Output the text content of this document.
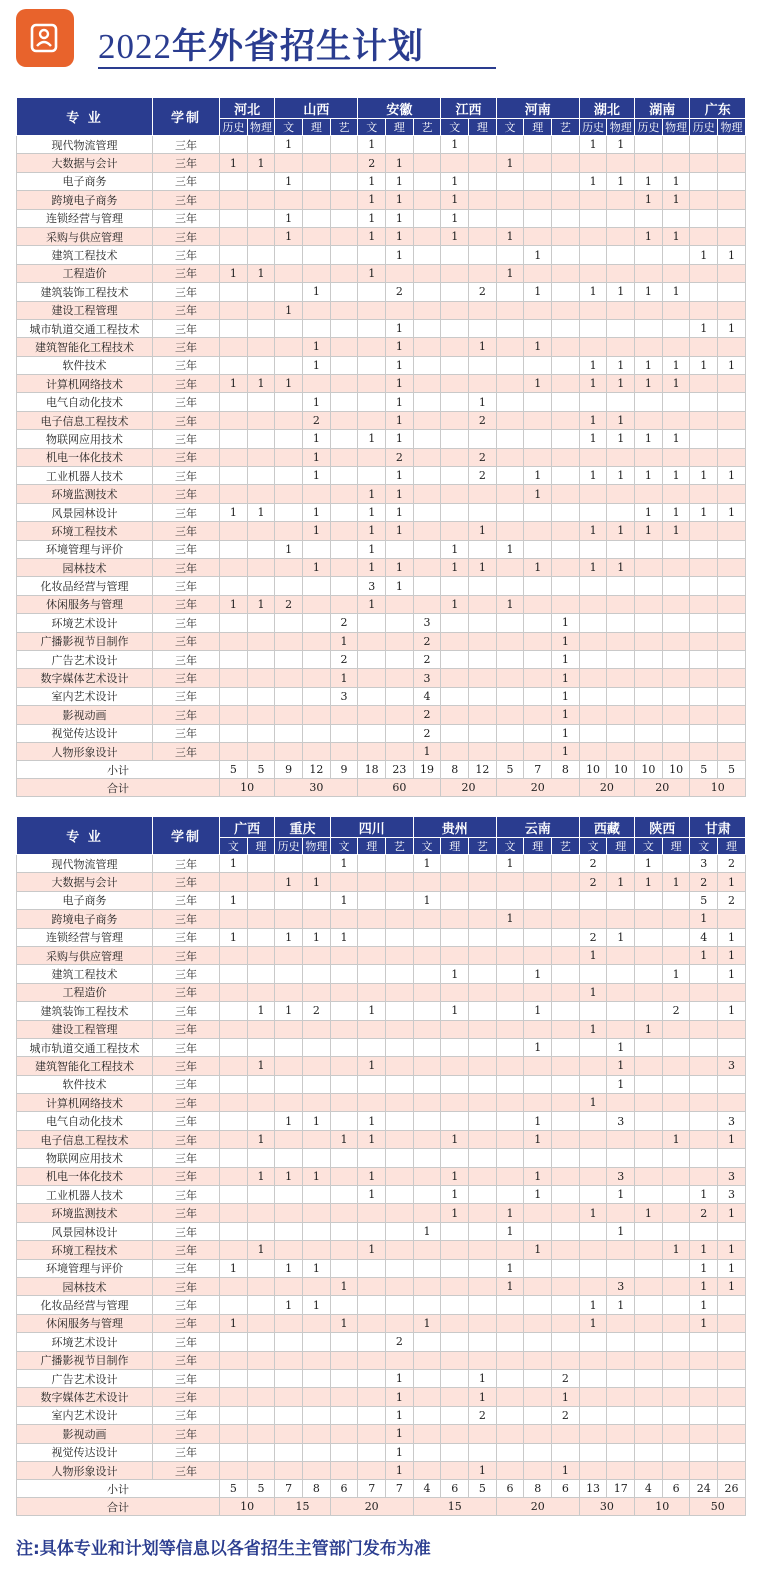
2022年外省招生计划
专 业	学制	河北		山西			安徽			江西		河南			湖北		湖南		广东	
		历史	物理	文	理	艺	文	理	艺	文	理	文	理	艺	历史	物理	历史	物理	历史	物理
现代物流管理	三年			1			1			1					1	1				
大数据与会计	三年	1	1				2	1				1								
电子商务	三年			1			1	1		1					1	1	1	1		
跨境电子商务	三年						1	1		1							1	1		
连锁经营与管理	三年			1			1	1		1										
采购与供应管理	三年			1			1	1		1		1					1	1		
建筑工程技术	三年							1					1						1	1
工程造价	三年	1	1				1					1								
建筑装饰工程技术	三年				1			2			2		1		1	1	1	1		
建设工程管理	三年			1																
城市轨道交通工程技术	三年							1											1	1
建筑智能化工程技术	三年				1			1			1		1							
软件技术	三年				1			1							1	1	1	1	1	1
计算机网络技术	三年	1	1	1				1					1		1	1	1	1		
电气自动化技术	三年				1			1			1									
电子信息工程技术	三年				2			1			2				1	1				
物联网应用技术	三年				1		1	1							1	1	1	1		
机电一体化技术	三年				1			2			2									
工业机器人技术	三年				1			1			2		1		1	1	1	1	1	1
环境监测技术	三年						1	1					1							
风景园林设计	三年	1	1		1		1	1									1	1	1	1
环境工程技术	三年				1		1	1			1				1	1	1	1		
环境管理与评价	三年			1			1			1		1								
园林技术	三年				1		1	1		1	1		1		1	1				
化妆品经营与管理	三年						3	1												
休闲服务与管理	三年	1	1	2			1			1		1								
环境艺术设计	三年					2			3					1						
广播影视节目制作	三年					1			2					1						
广告艺术设计	三年					2			2					1						
数字媒体艺术设计	三年					1			3					1						
室内艺术设计	三年					3			4					1						
影视动画	三年								2					1						
视觉传达设计	三年								2					1						
人物形象设计	三年								1					1						
小计		5	5	9	12	9	18	23	19	8	12	5	7	8	10	10	10	10	5	5
合计		10		30			60			20		20			20		20		10	
专 业	学制	广西		重庆		四川			贵州			云南			西藏		陕西		甘肃	
		文	理	历史	物理	文	理	艺	文	理	艺	文	理	艺	文	理	文	理	文	理
现代物流管理	三年	1				1			1			1			2		1		3	2
大数据与会计	三年			1	1										2	1	1	1	2	1
电子商务	三年	1				1			1										5	2
跨境电子商务	三年											1							1	
连锁经营与管理	三年	1		1	1	1									2	1			4	1
采购与供应管理	三年														1				1	1
建筑工程技术	三年									1			1					1		1
工程造价	三年														1					
建筑装饰工程技术	三年		1	1	2		1			1			1					2		1
建设工程管理	三年														1		1			
城市轨道交通工程技术	三年												1			1				
建筑智能化工程技术	三年		1				1									1				3
软件技术	三年															1				
计算机网络技术	三年														1					
电气自动化技术	三年			1	1		1						1			3				3
电子信息工程技术	三年		1			1	1			1			1					1		1
物联网应用技术	三年																			
机电一体化技术	三年		1	1	1		1			1			1			3				3
工业机器人技术	三年						1			1			1			1			1	3
环境监测技术	三年									1		1			1		1		2	1
风景园林设计	三年								1			1				1				
环境工程技术	三年		1				1						1					1	1	1
环境管理与评价	三年	1		1	1							1							1	1
园林技术	三年					1						1				3			1	1
化妆品经营与管理	三年			1	1										1	1			1	
休闲服务与管理	三年	1				1			1						1				1	
环境艺术设计	三年							2												
广播影视节目制作	三年																			
广告艺术设计	三年							1			1			2						
数字媒体艺术设计	三年							1			1			1						
室内艺术设计	三年							1			2			2						
影视动画	三年							1												
视觉传达设计	三年							1												
人物形象设计	三年							1			1			1						
小计		5	5	7	8	6	7	7	4	6	5	6	8	6	13	17	4	6	24	26
合计		10		15		20			15			20			30		10		50	
注:具体专业和计划等信息以各省招生主管部门发布为准
